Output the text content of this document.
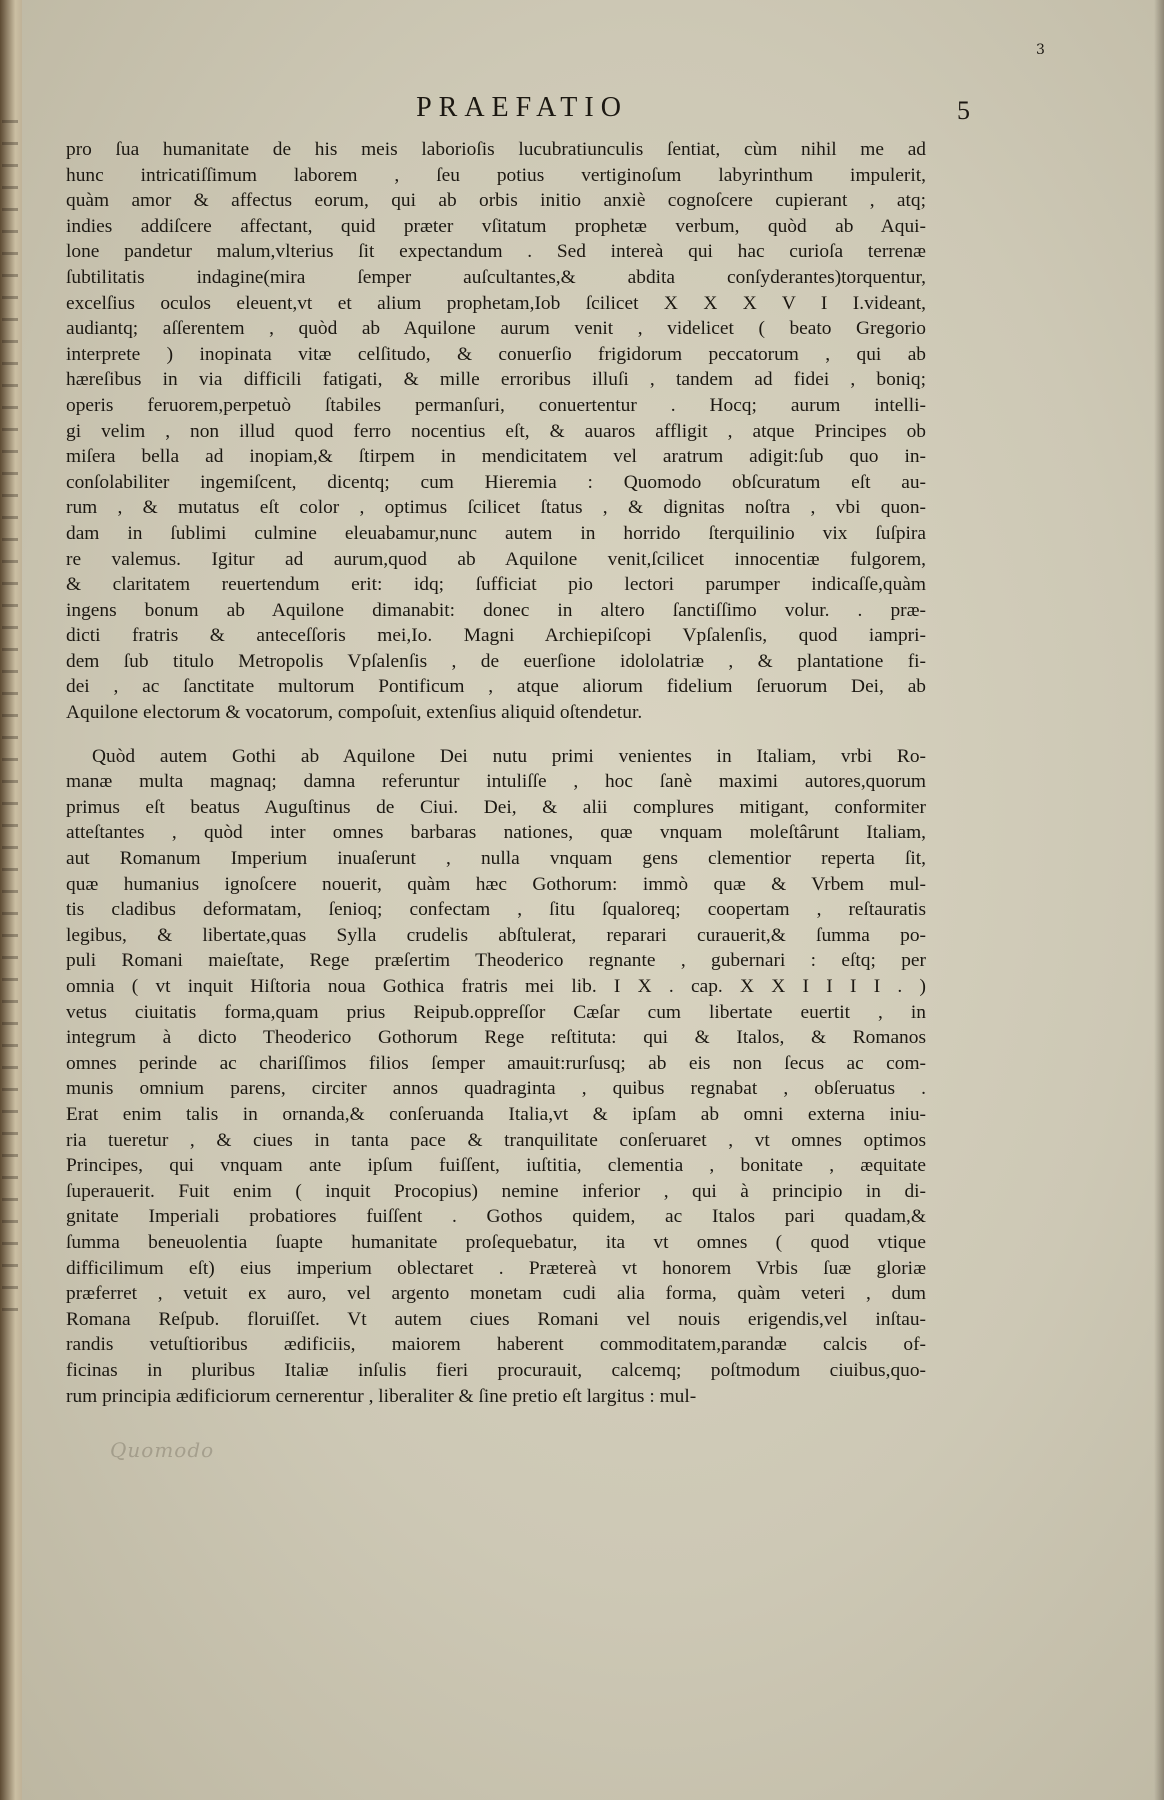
3
PRAEFATIO	5
pro ſua humanitate de his meis laborioſis lucubratiunculis ſentiat, cùm nihil me ad
hunc intricatiſſimum laborem , ſeu potius vertiginoſum labyrinthum impulerit,
quàm amor & affectus eorum, qui ab orbis initio anxiè cognoſcere cupierant , atq;
indies addiſcere affectant, quid præter vſitatum prophetæ verbum, quòd ab Aqui-
lone pandetur malum,vlterius ſit expectandum . Sed intereà qui hac curioſa terrenæ
ſubtilitatis indagine(mira ſemper auſcultantes,& abdita conſyderantes)torquentur,
excelſius oculos eleuent,vt et alium prophetam,Iob ſcilicet X X X V I I.videant,
audiantq; aſſerentem , quòd ab Aquilone aurum venit , videlicet ( beato Gregorio
interprete ) inopinata vitæ celſitudo, & conuerſio frigidorum peccatorum , qui ab
hæreſibus in via difficili fatigati, & mille erroribus illuſi , tandem ad fidei , boniq;
operis feruorem,perpetuò ſtabiles permanſuri, conuertentur . Hocq; aurum intelli-
gi velim , non illud quod ferro nocentius eſt, & auaros affligit , atque Principes ob
miſera bella ad inopiam,& ſtirpem in mendicitatem vel aratrum adigit:ſub quo in-
conſolabiliter ingemiſcent, dicentq; cum Hieremia : Quomodo obſcuratum eſt au-
rum , & mutatus eſt color , optimus ſcilicet ſtatus , & dignitas noſtra , vbi quon-
dam in ſublimi culmine eleuabamur,nunc autem in horrido ſterquilinio vix ſuſpira
re valemus. Igitur ad aurum,quod ab Aquilone venit,ſcilicet innocentiæ fulgorem,
& claritatem reuertendum erit: idq; ſufficiat pio lectori parumper indicaſſe,quàm
ingens bonum ab Aquilone dimanabit: donec in altero ſanctiſſimo volur. . præ-
dicti fratris & anteceſſoris mei,Io. Magni Archiepiſcopi Vpſalenſis, quod iampri-
dem ſub titulo Metropolis Vpſalenſis , de euerſione idololatriæ , & plantatione fi-
dei , ac ſanctitate multorum Pontificum , atque aliorum fidelium ſeruorum Dei, ab
Aquilone electorum & vocatorum, compoſuit, extenſius aliquid oſtendetur.
Quòd autem Gothi ab Aquilone Dei nutu primi venientes in Italiam, vrbi Ro-
manæ multa magnaq; damna referuntur intuliſſe , hoc ſanè maximi autores,quorum
primus eſt beatus Auguſtinus de Ciui. Dei, & alii complures mitigant, conformiter
atteſtantes , quòd inter omnes barbaras nationes, quæ vnquam moleſtârunt Italiam,
aut Romanum Imperium inuaſerunt , nulla vnquam gens clementior reperta ſit,
quæ humanius ignoſcere nouerit, quàm hæc Gothorum: immò quæ & Vrbem mul-
tis cladibus deformatam, ſenioq; confectam , ſitu ſqualoreq; coopertam , reſtauratis
legibus, & libertate,quas Sylla crudelis abſtulerat, reparari curauerit,& ſumma po-
puli Romani maieſtate, Rege præſertim Theoderico regnante , gubernari : eſtq; per
omnia ( vt inquit Hiſtoria noua Gothica fratris mei lib. I X . cap. X X I I I I . )
vetus ciuitatis forma,quam prius Reipub.oppreſſor Cæſar cum libertate euertit , in
integrum à dicto Theoderico Gothorum Rege reſtituta: qui & Italos, & Romanos
omnes perinde ac chariſſimos filios ſemper amauit:rurſusq; ab eis non ſecus ac com-
munis omnium parens, circiter annos quadraginta , quibus regnabat , obſeruatus .
Erat enim talis in ornanda,& conſeruanda Italia,vt & ipſam ab omni externa iniu-
ria tueretur , & ciues in tanta pace & tranquilitate conſeruaret , vt omnes optimos
Principes, qui vnquam ante ipſum fuiſſent, iuſtitia, clementia , bonitate , æquitate
ſuperauerit. Fuit enim ( inquit Procopius) nemine inferior , qui à principio in di-
gnitate Imperiali probatiores fuiſſent . Gothos quidem, ac Italos pari quadam,&
ſumma beneuolentia ſuapte humanitate proſequebatur, ita vt omnes ( quod vtique
difficilimum eſt) eius imperium oblectaret . Prætereà vt honorem Vrbis ſuæ gloriæ
præferret , vetuit ex auro, vel argento monetam cudi alia forma, quàm veteri , dum
Romana Reſpub. floruiſſet. Vt autem ciues Romani vel nouis erigendis,vel inſtau-
randis vetuſtioribus ædificiis, maiorem haberent commoditatem,parandæ calcis of-
ficinas in pluribus Italiæ inſulis fieri procurauit, calcemq; poſtmodum ciuibus,quo-
rum principia ædificiorum cernerentur , liberaliter & ſine pretio eſt largitus : mul-
Quomodo
